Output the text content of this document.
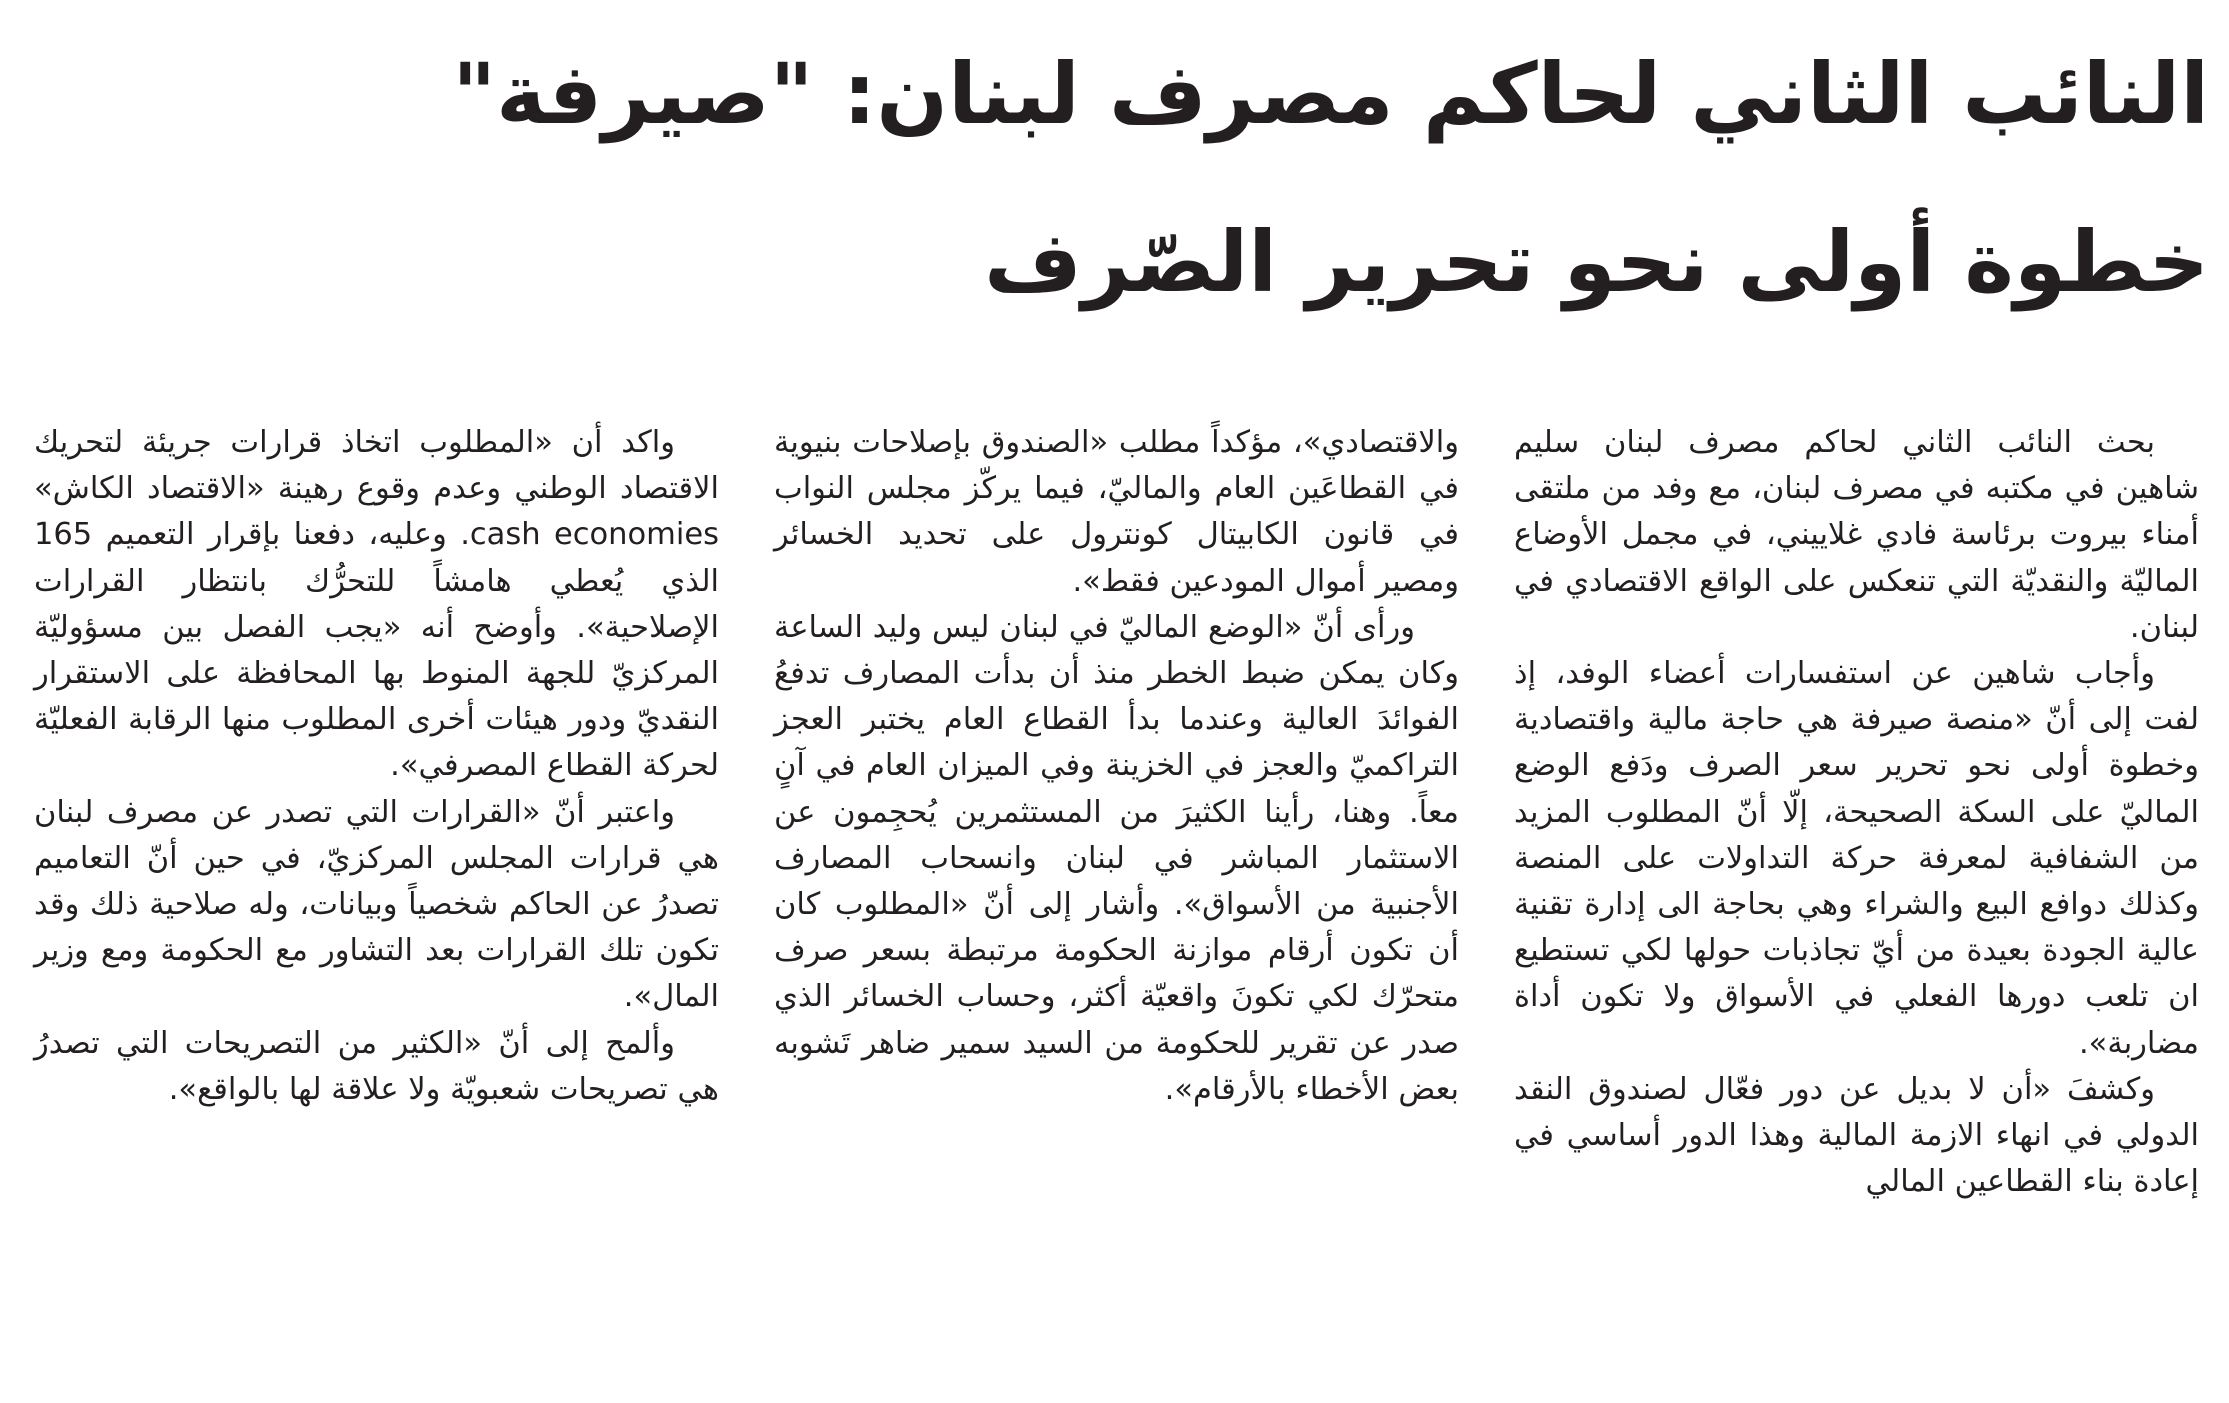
النائب الثاني لحاكم مصرف لبنان: "صيرفة"
خطوة أولى نحو تحرير الصّرف

بحث النائب الثاني لحاكم مصرف لبنان سليم شاهين في مكتبه في مصرف لبنان، مع وفد من ملتقى أمناء بيروت برئاسة فادي غلاييني، في مجمل الأوضاع الماليّة والنقديّة التي تنعكس على الواقع الاقتصادي في لبنان.

وأجاب شاهين عن استفسارات أعضاء الوفد، إذ لفت إلى أنّ «منصة صيرفة هي حاجة مالية واقتصادية وخطوة أولى نحو تحرير سعر الصرف ودَفع الوضع الماليّ على السكة الصحيحة، إلّا أنّ المطلوب المزيد من الشفافية لمعرفة حركة التداولات على المنصة وكذلك دوافع البيع والشراء وهي بحاجة الى إدارة تقنية عالية الجودة بعيدة من أيّ تجاذبات حولها لكي تستطيع ان تلعب دورها الفعلي في الأسواق ولا تكون أداة مضاربة».

وكشفَ «أن لا بديل عن دور فعّال لصندوق النقد الدولي في انهاء الازمة المالية وهذا الدور أساسي في إعادة بناء القطاعين المالي

والاقتصادي»، مؤكداً مطلب «الصندوق بإصلاحات بنيوية في القطاعَين العام والماليّ، فيما يركّز مجلس النواب في قانون الكابيتال كونترول على تحديد الخسائر ومصير أموال المودعين فقط».

ورأى أنّ «الوضع الماليّ في لبنان ليس وليد الساعة وكان يمكن ضبط الخطر منذ أن بدأت المصارف تدفعُ الفوائدَ العالية وعندما بدأ القطاع العام يختبر العجز التراكميّ والعجز في الخزينة وفي الميزان العام في آنٍ معاً. وهنا، رأينا الكثيرَ من المستثمرين يُحجِمون عن الاستثمار المباشر في لبنان وانسحاب المصارف الأجنبية من الأسواق». وأشار إلى أنّ «المطلوب كان أن تكون أرقام موازنة الحكومة مرتبطة بسعر صرف متحرّك لكي تكونَ واقعيّة أكثر، وحساب الخسائر الذي صدر عن تقرير للحكومة من السيد سمير ضاهر تَشوبه بعض الأخطاء بالأرقام».

واكد أن «المطلوب اتخاذ قرارات جريئة لتحريك الاقتصاد الوطني وعدم وقوع رهينة «الاقتصاد الكاش» cash economies. وعليه، دفعنا بإقرار التعميم 165 الذي يُعطي هامشاً للتحرُّك بانتظار القرارات الإصلاحية». وأوضح أنه «يجب الفصل بين مسؤوليّة المركزيّ للجهة المنوط بها المحافظة على الاستقرار النقديّ ودور هيئات أخرى المطلوب منها الرقابة الفعليّة لحركة القطاع المصرفي».

واعتبر أنّ «القرارات التي تصدر عن مصرف لبنان هي قرارات المجلس المركزيّ، في حين أنّ التعاميم تصدرُ عن الحاكم شخصياً وبيانات، وله صلاحية ذلك وقد تكون تلك القرارات بعد التشاور مع الحكومة ومع وزير المال».

وألمح إلى أنّ «الكثير من التصريحات التي تصدرُ هي تصريحات شعبويّة ولا علاقة لها بالواقع».
